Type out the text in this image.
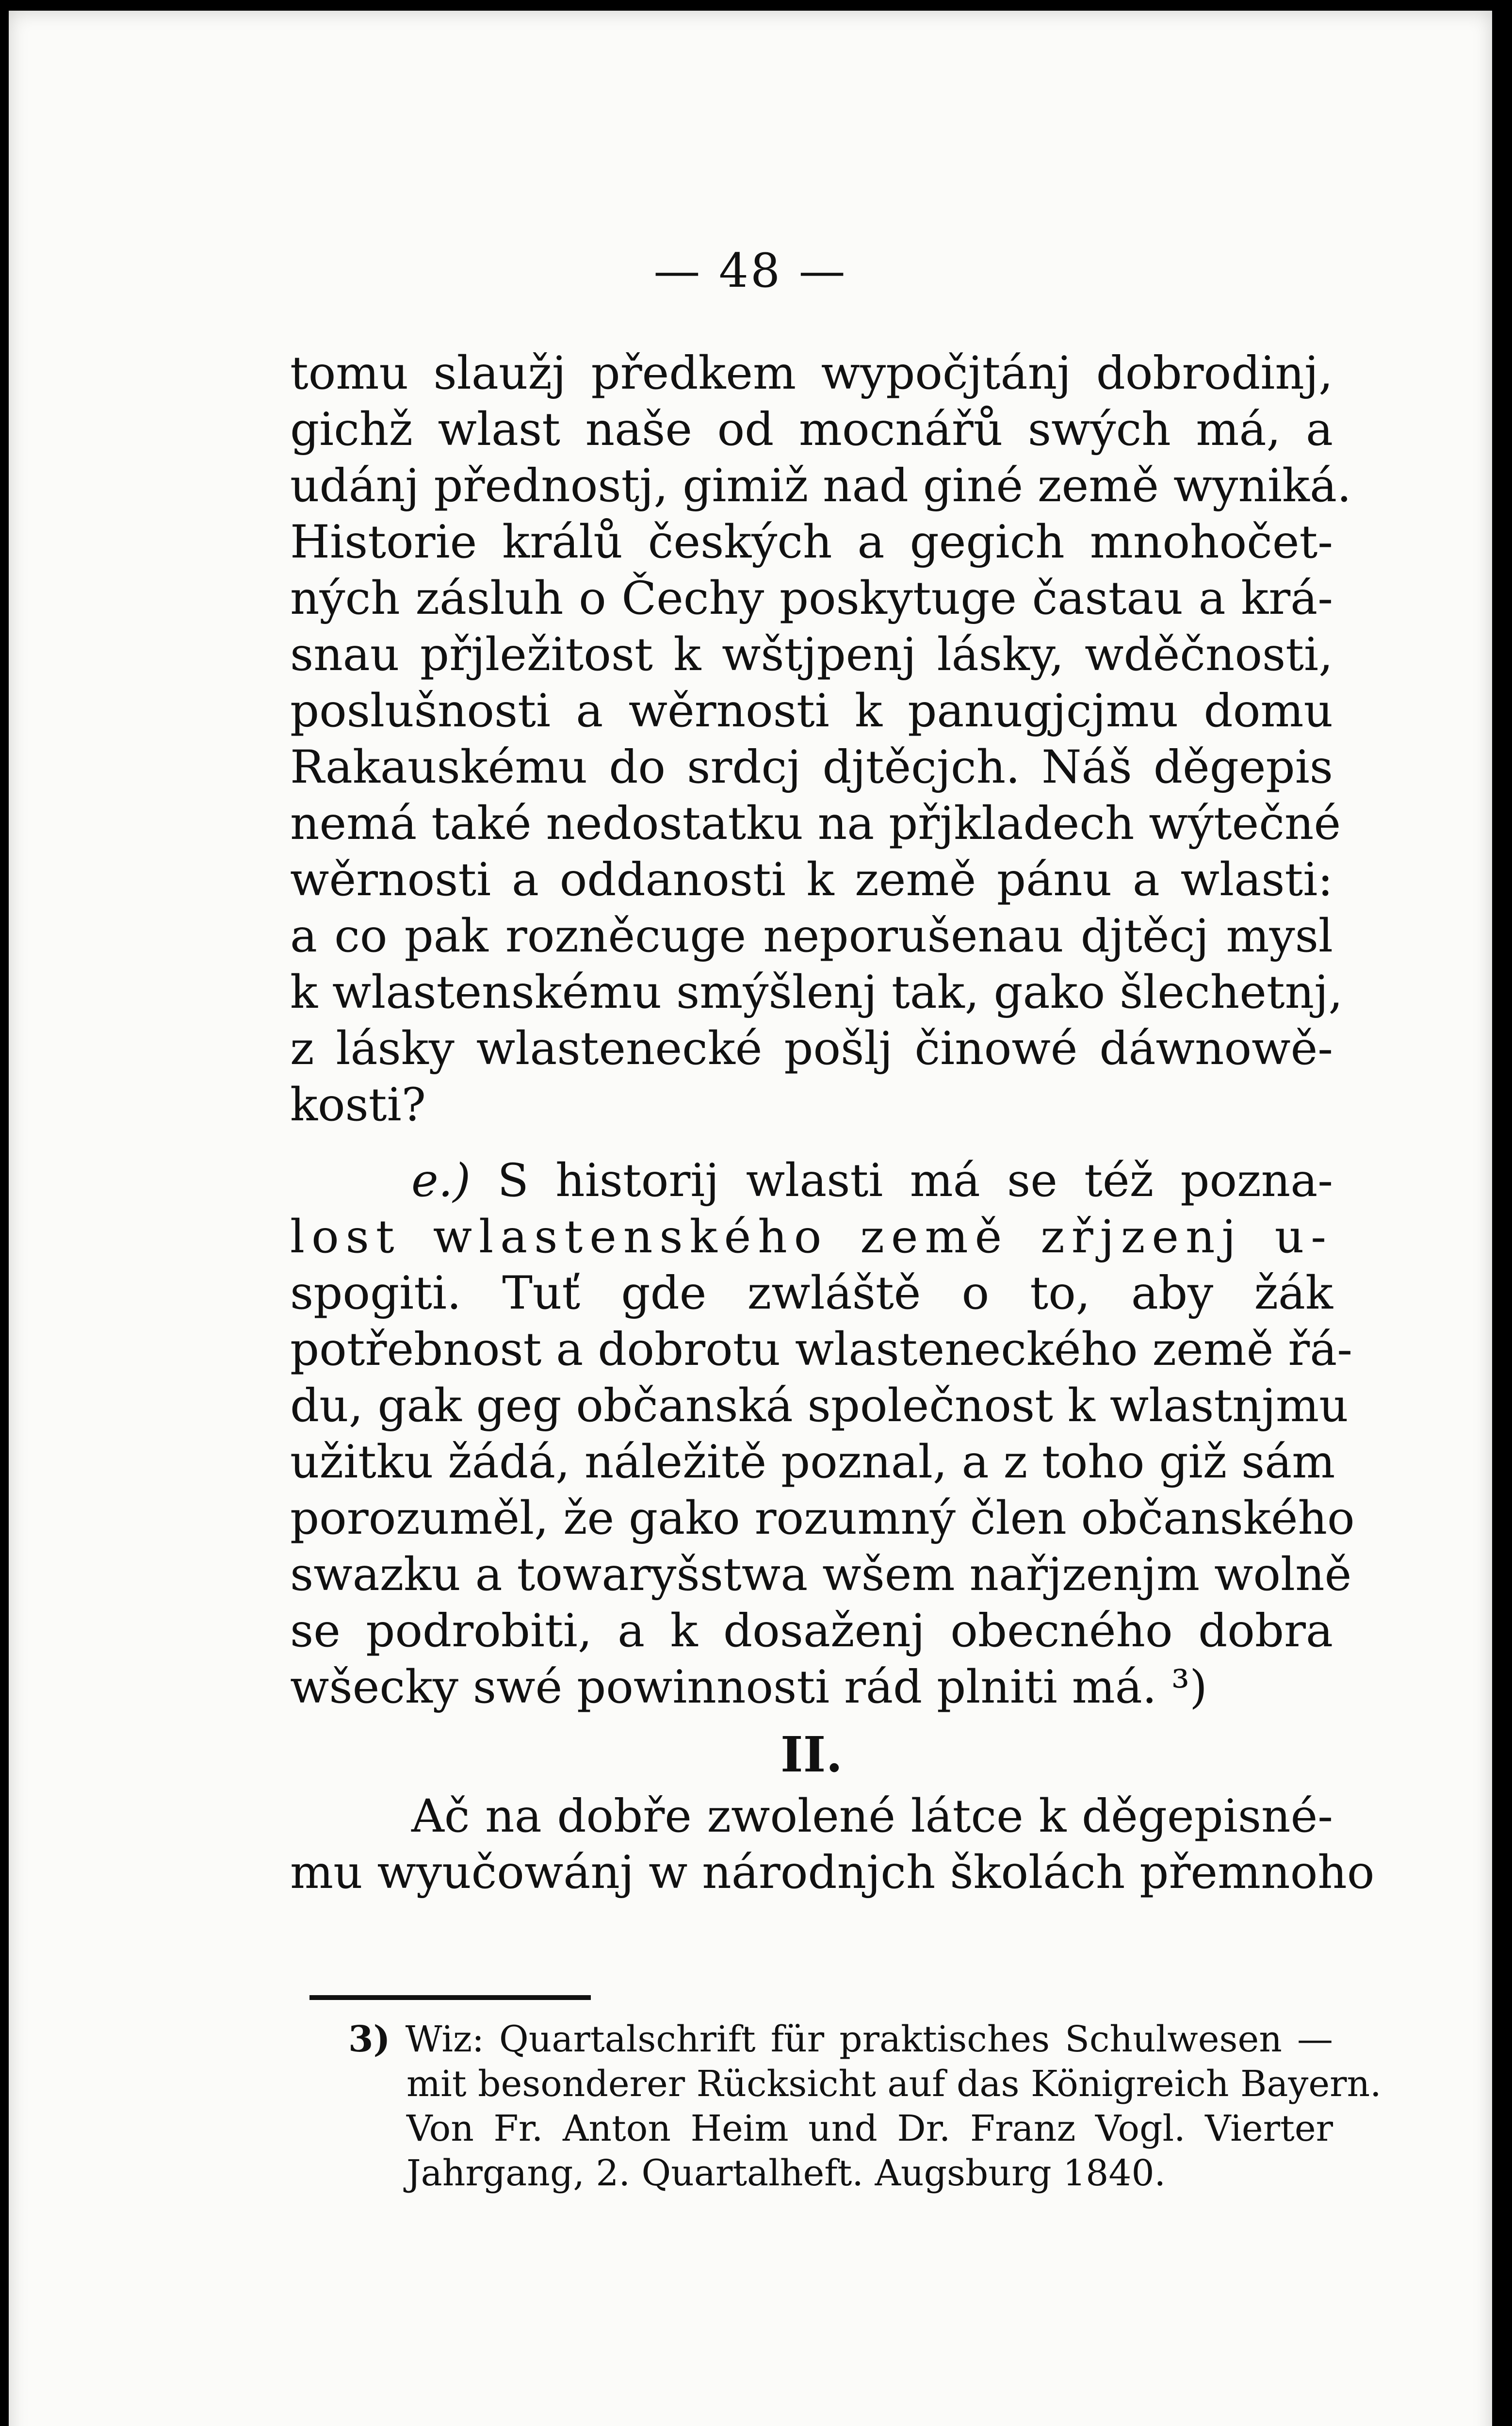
— 48 —
tomu slaužj předkem wypočjtánj dobrodinj,
gichž wlast naše od mocnářů swých má, a
udánj přednostj, gimiž nad giné země wyniká.
Historie králů českých a gegich mnohočet-
ných zásluh o Čechy poskytuge častau a krá-
snau přjležitost k wštjpenj lásky, wděčnosti,
poslušnosti a wěrnosti k panugjcjmu domu
Rakauskému do srdcj djtěcjch. Náš děgepis
nemá také nedostatku na přjkladech wýtečné
wěrnosti a oddanosti k země pánu a wlasti:
a co pak rozněcuge neporušenau djtěcj mysl
k wlastenskému smýšlenj tak, gako šlechetnj,
z lásky wlastenecké pošlj činowé dáwnowě-
kosti?
e.) S historij wlasti má se též pozna-
lost wlastenského země zřjzenj u-
spogiti. Tuť gde zwláště o to, aby žák
potřebnost a dobrotu wlasteneckého země řá-
du, gak geg občanská společnost k wlastnjmu
užitku žádá, náležitě poznal, a z toho giž sám
porozuměl, že gako rozumný člen občanského
swazku a towaryšstwa wšem nařjzenjm wolně
se podrobiti, a k dosaženj obecného dobra
wšecky swé powinnosti rád plniti má. ³)
II.
Ač na dobře zwolené látce k děgepisné-
mu wyučowánj w národnjch školách přemnoho
3) Wiz: Quartalschrift für praktisches Schulwesen —
mit besonderer Rücksicht auf das Königreich Bayern.
Von Fr. Anton Heim und Dr. Franz Vogl. Vierter
Jahrgang, 2. Quartalheft. Augsburg 1840.
